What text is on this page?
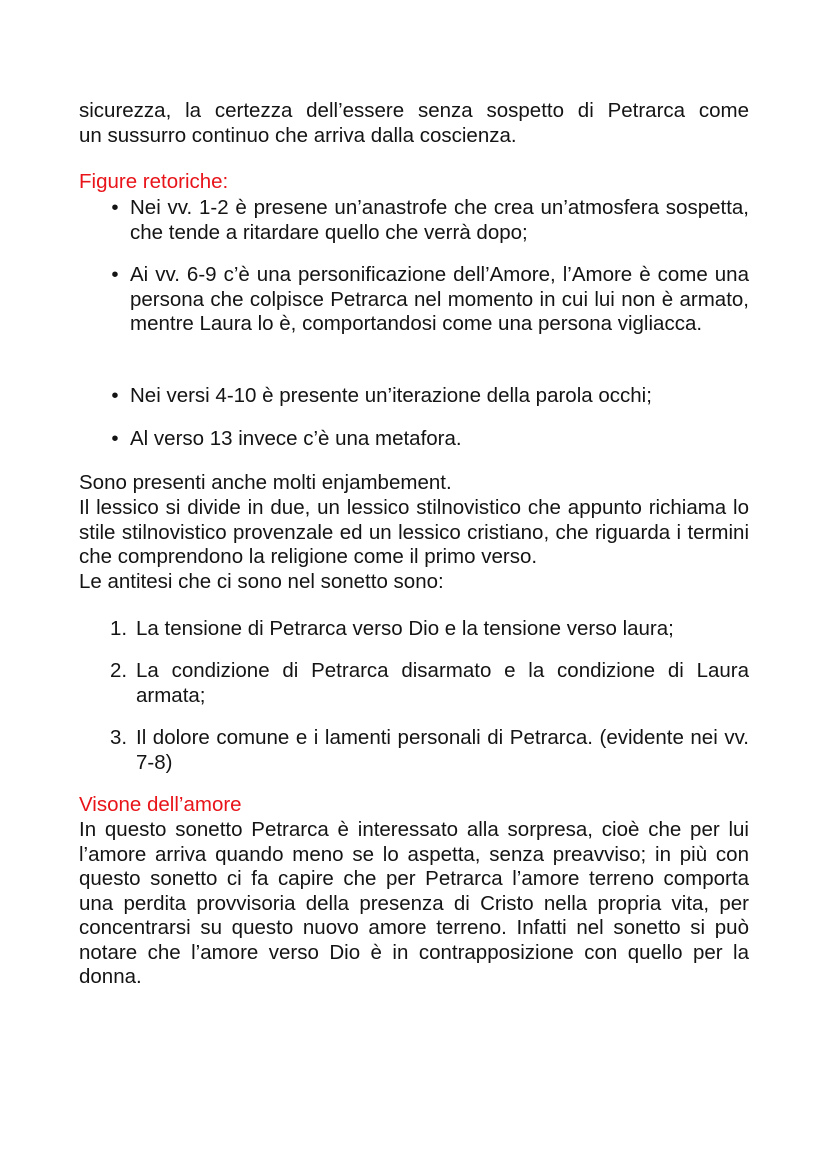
sicurezza, la certezza dell’essere senza sospetto di Petrarca come
un sussurro continuo che arriva dalla coscienza.
Figure retoriche:
• Nei vv. 1-2 è presene un’anastrofe che crea un’atmosfera sospetta, che tende a ritardare quello che verrà dopo;
• Ai vv. 6-9 c’è una personificazione dell’Amore, l’Amore è come una persona che colpisce Petrarca nel momento in cui lui non è armato, mentre Laura lo è, comportandosi come una persona vigliacca.
• Nei versi 4-10 è presente un’iterazione della parola occhi;
• Al verso 13 invece c’è una metafora.
Sono presenti anche molti enjambement.
Il lessico si divide in due, un lessico stilnovistico che appunto richiama lo stile stilnovistico provenzale ed un lessico cristiano, che riguarda i termini che comprendono la religione come il primo verso.
Le antitesi che ci sono nel sonetto sono:
1. La tensione di Petrarca verso Dio e la tensione verso laura;
2. La condizione di Petrarca disarmato e la condizione di Laura armata;
3. Il dolore comune e i lamenti personali di Petrarca. (evidente nei vv. 7-8)
Visone dell’amore
In questo sonetto Petrarca è interessato alla sorpresa, cioè che per lui l’amore arriva quando meno se lo aspetta, senza preavviso; in più con questo sonetto ci fa capire che per Petrarca l’amore terreno comporta una perdita provvisoria della presenza di Cristo nella propria vita, per concentrarsi su questo nuovo amore terreno. Infatti nel sonetto si può notare che l’amore verso Dio è in contrapposizione con quello per la donna.
